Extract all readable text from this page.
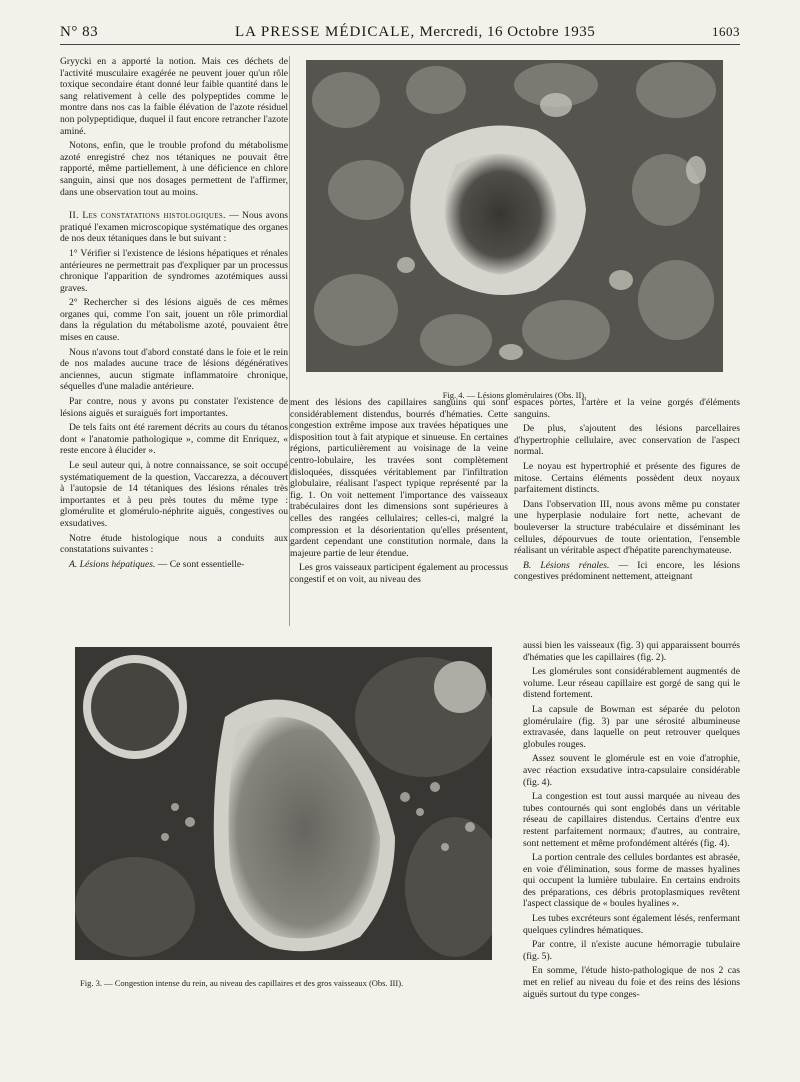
N° 83	LA PRESSE MÉDICALE, Mercredi, 16 Octobre 1935	1603

Gryycki en a apporté la notion. Mais ces déchets de l'activité musculaire exagérée ne peuvent jouer qu'un rôle toxique secondaire étant donné leur faible quantité dans le sang relativement à celle des polypeptides comme le montre dans nos cas la faible élévation de l'azote résiduel non polypeptidique, duquel il faut encore retrancher l'azote aminé.

Notons, enfin, que le trouble profond du métabolisme azoté enregistré chez nos tétaniques ne pouvait être rapporté, même partiellement, à une déficience en chlore sanguin, ainsi que nos dosages permettent de l'affirmer, dans une observation tout au moins.

II. Les constatations histologiques. — Nous avons pratiqué l'examen microscopique systématique des organes de nos deux tétaniques dans le but suivant :

1° Vérifier si l'existence de lésions hépatiques et rénales antérieures ne permettrait pas d'expliquer par un processus chronique l'apparition de syndromes azotémiques aussi graves.

2° Rechercher si des lésions aiguës de ces mêmes organes qui, comme l'on sait, jouent un rôle primordial dans la régulation du métabolisme azoté, pouvaient être mises en cause.

Nous n'avons tout d'abord constaté dans le foie et le rein de nos malades aucune trace de lésions dégénératives anciennes, aucun stigmate inflammatoire chronique, séquelles d'une maladie antérieure.

Par contre, nous y avons pu constater l'existence de lésions aiguës et suraiguës fort importantes.

De tels faits ont été rarement décrits au cours du tétanos dont « l'anatomie pathologique », comme dit Enriquez, « reste encore à élucider ».

Le seul auteur qui, à notre connaissance, se soit occupé systématiquement de la question, Vaccarezza, a découvert à l'autopsie de 14 tétaniques des lésions rénales très importantes et à peu près toutes du même type : glomérulite et glomérulo-néphrite aiguës, congestives ou exsudatives.

Notre étude histologique nous a conduits aux constatations suivantes :

A. Lésions hépatiques. — Ce sont essentielle-

Fig. 4. — Lésions glomérulaires (Obs. II).

ment des lésions des capillaires sanguins qui sont considérablement distendus, bourrés d'hématies. Cette congestion extrême impose aux travées hépatiques une disposition tout à fait atypique et sinueuse. En certaines régions, particulièrement au voisinage de la veine centro-lobulaire, les travées sont complètement disloquées, dissquées véritablement par l'infiltration globulaire, réalisant l'aspect typique représenté par la fig. 1. On voit nettement l'importance des vaisseaux trabéculaires dont les dimensions sont supérieures à celles des rangées cellulaires; celles-ci, malgré la compression et la désorientation qu'elles présentent, gardent cependant une constitution normale, dans la majeure partie de leur étendue.

Les gros vaisseaux participent également au processus congestif et on voit, au niveau des

espaces portes, l'artère et la veine gorgés d'éléments sanguins.

De plus, s'ajoutent des lésions parcellaires d'hypertrophie cellulaire, avec conservation de l'aspect normal.

Le noyau est hypertrophié et présente des figures de mitose. Certains éléments possèdent deux noyaux parfaitement distincts.

Dans l'observation III, nous avons même pu constater une hyperplasie nodulaire fort nette, achevant de bouleverser la structure trabéculaire et disséminant les cellules, dépourvues de toute orientation, l'ensemble réalisant un véritable aspect d'hépatite parenchymateuse.

B. Lésions rénales. — Ici encore, les lésions congestives prédominent nettement, atteignant

Fig. 3. — Congestion intense du rein, au niveau des capillaires et des gros vaisseaux (Obs. III).

aussi bien les vaisseaux (fig. 3) qui apparaissent bourrés d'hématies que les capillaires (fig. 2).

Les glomérules sont considérablement augmentés de volume. Leur réseau capillaire est gorgé de sang qui le distend fortement.

La capsule de Bowman est séparée du peloton glomérulaire (fig. 3) par une sérosité albumineuse extravasée, dans laquelle on peut retrouver quelques globules rouges.

Assez souvent le glomérule est en voie d'atrophie, avec réaction exsudative intra-capsulaire considérable (fig. 4).

La congestion est tout aussi marquée au niveau des tubes contournés qui sont englobés dans un véritable réseau de capillaires distendus. Certains d'entre eux restent parfaitement normaux; d'autres, au contraire, sont nettement et même profondément altérés (fig. 4).

La portion centrale des cellules bordantes est abrasée, en voie d'élimination, sous forme de masses hyalines qui occupent la lumière tubulaire. En certains endroits des préparations, ces débris protoplasmiques revêtent l'aspect classique de « boules hyalines ».

Les tubes excréteurs sont également lésés, renfermant quelques cylindres hématiques.

Par contre, il n'existe aucune hémorragie tubulaire (fig. 5).

En somme, l'étude histo-pathologique de nos 2 cas met en relief au niveau du foie et des reins des lésions aiguës surtout du type conges-
